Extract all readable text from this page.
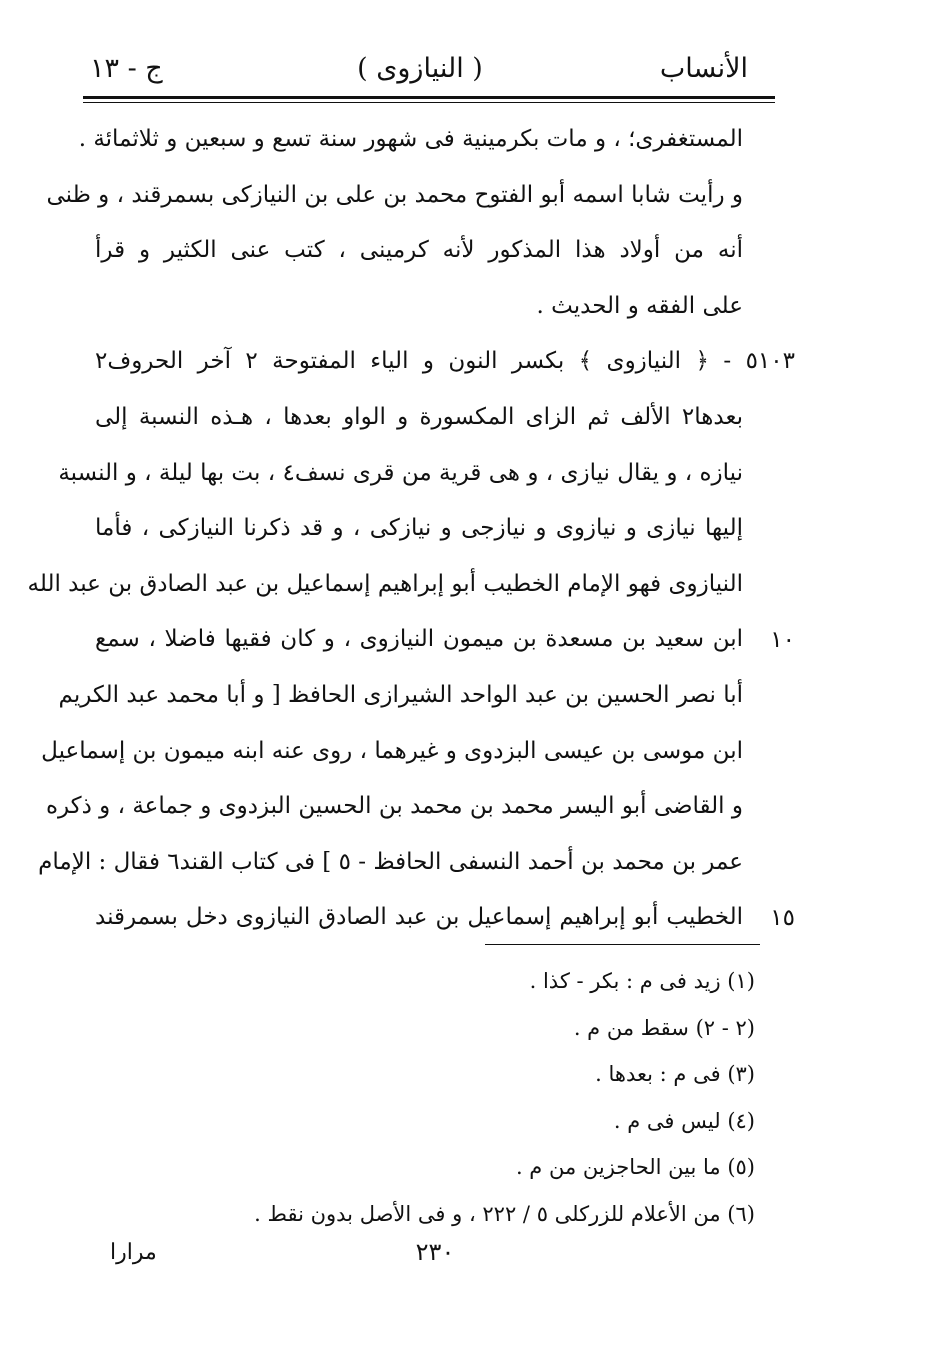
ج - ١٣	( النيازوى )	الأنساب
المستغفرى؛ ، و مات بكرمينية فى شهور سنة تسع و سبعين و ثلاثمائة .
و رأيت شابا اسمه أبو الفتوح محمد بن على بن النيازكى بسمرقند ، و ظنى
أنه من أولاد هذا المذكور لأنه كرمينى ، كتب عنى الكثير و قرأ
على الفقه و الحديث .
بعدها٢ الألف ثم الزاى المكسورة و الواو بعدها ، هـذه النسبة إلى
نيازه ، و يقال نيازى ، و هى قرية من قرى نسف٤ ، بت بها ليلة ، و النسبة
إليها نيازى و نيازوى و نيازجى و نيازكى ، و قد ذكرنا النيازكى ، فأما
النيازوى فهو الإمام الخطيب أبو إبراهيم إسماعيل بن عبد الصادق بن عبد الله
ابن سعيد بن مسعدة بن ميمون النيازوى ، و كان فقيها فاضلا ، سمع
أبا نصر الحسين بن عبد الواحد الشيرازى الحافظ [ و أبا محمد عبد الكريم
ابن موسى بن عيسى البزدوى و غيرهما ، روى عنه ابنه ميمون بن إسماعيل
و القاضى أبو اليسر محمد بن محمد بن الحسين البزدوى و جماعة ، و ذكره
عمر بن محمد بن أحمد النسفى الحافظ - ٥ ] فى كتاب القند٦ فقال : الإمام
الخطيب أبو إبراهيم إسماعيل بن عبد الصادق النيازوى دخل بسمرقند
٥١٠٣ - ﴿ النيازوى ﴾ بكسر النون و الياء المفتوحة ٢ آخر الحروف٢
١٠
١٥
(١) زيد فى م : بكر - كذا .
(٢ - ٢) سقط من م .
(٣) فى م : بعدها .
(٤) ليس فى م .
(٥) ما بين الحاجزين من م .
(٦) من الأعلام للزركلى ٥ / ٢٢٢ ، و فى الأصل بدون نقط .
٢٣٠
مرارا
